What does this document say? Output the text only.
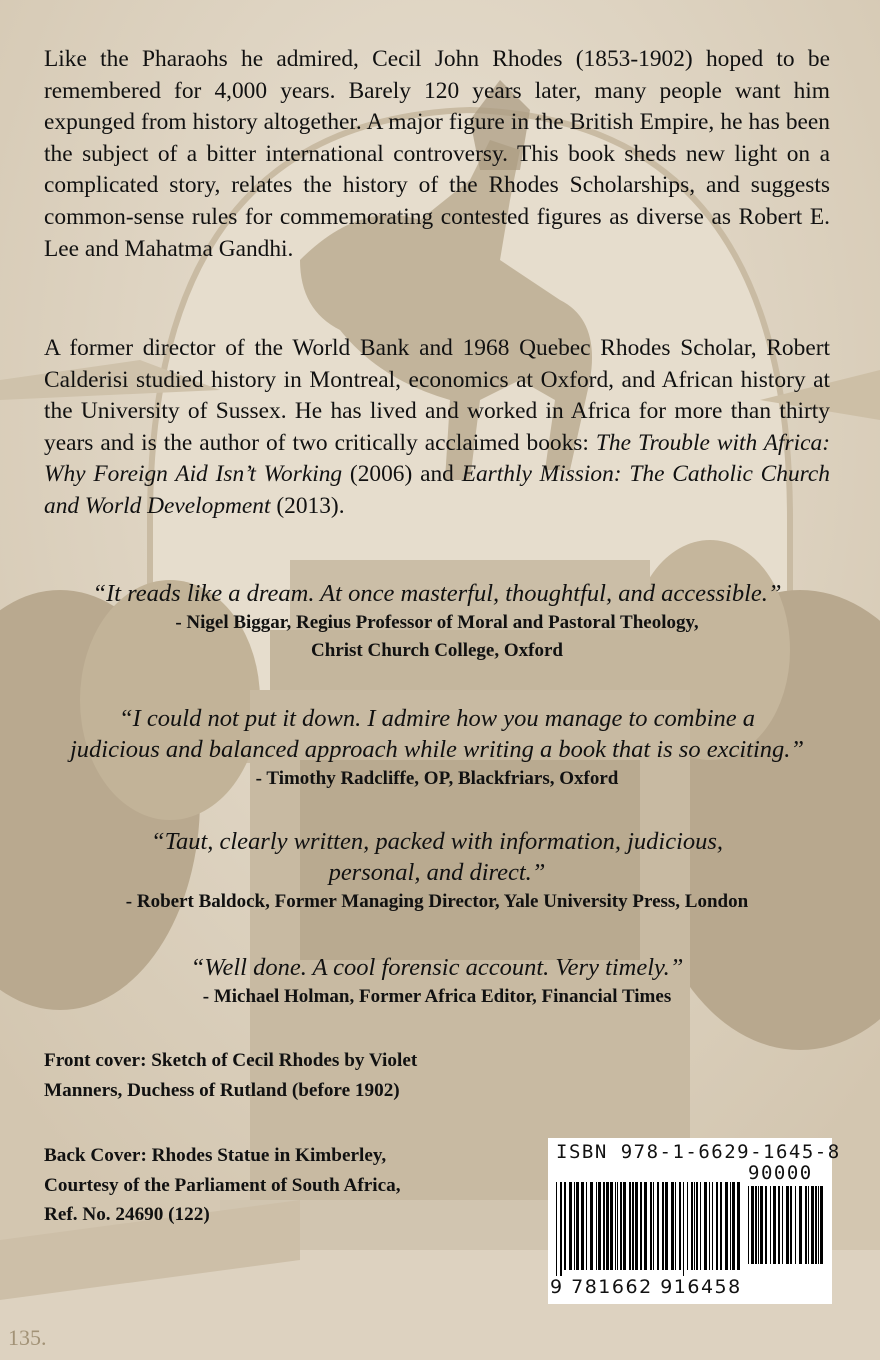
135.

Like the Pharaohs he admired, Cecil John Rhodes (1853-1902) hoped to be remembered for 4,000 years. Barely 120 years later, many people want him expunged from history altogether. A major figure in the British Empire, he has been the subject of a bitter international controversy. This book sheds new light on a complicated story, relates the history of the Rhodes Scholarships, and suggests common-sense rules for commemorating contested figures as diverse as Robert E. Lee and Mahatma Gandhi.

A former director of the World Bank and 1968 Quebec Rhodes Scholar, Robert Calderisi studied history in Montreal, economics at Oxford, and African history at the University of Sussex. He has lived and worked in Africa for more than thirty years and is the author of two critically acclaimed books: The Trouble with Africa: Why Foreign Aid Isn’t Working (2006) and Earthly Mission: The Catholic Church and World Development (2013).

“It reads like a dream. At once masterful, thoughtful, and accessible.”
- Nigel Biggar, Regius Professor of Moral and Pastoral Theology,
Christ Church College, Oxford
“I could not put it down. I admire how you manage to combine a
judicious and balanced approach while writing a book that is so exciting.”
- Timothy Radcliffe, OP, Blackfriars, Oxford
“Taut, clearly written, packed with information, judicious,
personal, and direct.”
- Robert Baldock, Former Managing Director, Yale University Press, London
“Well done. A cool forensic account. Very timely.”
- Michael Holman, Former Africa Editor, Financial Times
Front cover: Sketch of Cecil Rhodes by Violet
Manners, Duchess of Rutland (before 1902)
Back Cover: Rhodes Statue in Kimberley,
Courtesy of the Parliament of South Africa,
Ref. No. 24690 (122)

ISBN 978-1-6629-1645-8

90000

9 781662 916458
